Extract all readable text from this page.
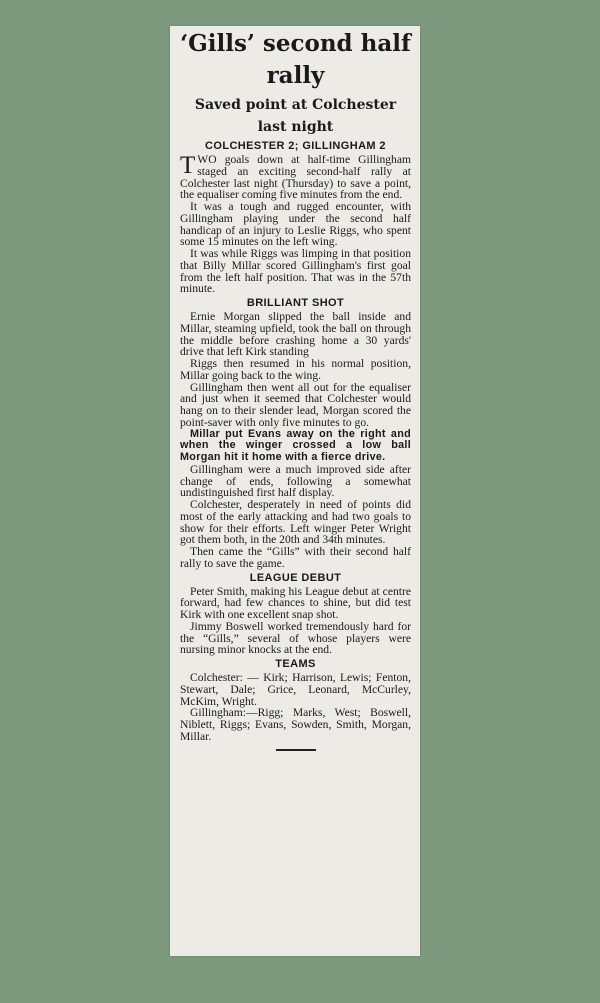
‘Gills’ second half rally
Saved point at Colchester last night
COLCHESTER 2; GILLINGHAM 2

TWO goals down at half-time Gillingham staged an exciting second-half rally at Colchester last night (Thursday) to save a point, the equaliser coming five minutes from the end.

It was a tough and rugged encounter, with Gillingham playing under the second half handicap of an injury to Leslie Riggs, who spent some 15 minutes on the left wing.

It was while Riggs was limping in that position that Billy Millar scored Gillingham's first goal from the left half position. That was in the 57th minute.

BRILLIANT SHOT

Ernie Morgan slipped the ball inside and Millar, steaming upfield, took the ball on through the middle before crashing home a 30 yards' drive that left Kirk standing

Riggs then resumed in his normal position, Millar going back to the wing.

Gillingham then went all out for the equaliser and just when it seemed that Colchester would hang on to their slender lead, Morgan scored the point-saver with only five minutes to go.

Millar put Evans away on the right and when the winger crossed a low ball Morgan hit it home with a fierce drive.

Gillingham were a much improved side after change of ends, following a somewhat undistinguished first half display.

Colchester, desperately in need of points did most of the early attacking and had two goals to show for their efforts. Left winger Peter Wright got them both, in the 20th and 34th minutes.

Then came the “Gills” with their second half rally to save the game.

LEAGUE DEBUT

Peter Smith, making his League debut at centre forward, had few chances to shine, but did test Kirk with one excellent snap shot.

Jimmy Boswell worked tremendously hard for the “Gills,” several of whose players were nursing minor knocks at the end.

TEAMS

Colchester: — Kirk; Harrison, Lewis; Fenton, Stewart, Dale; Grice, Leonard, McCurley, McKim, Wright.

Gillingham:—Rigg; Marks, West; Boswell, Niblett, Riggs; Evans, Sowden, Smith, Morgan, Millar.
